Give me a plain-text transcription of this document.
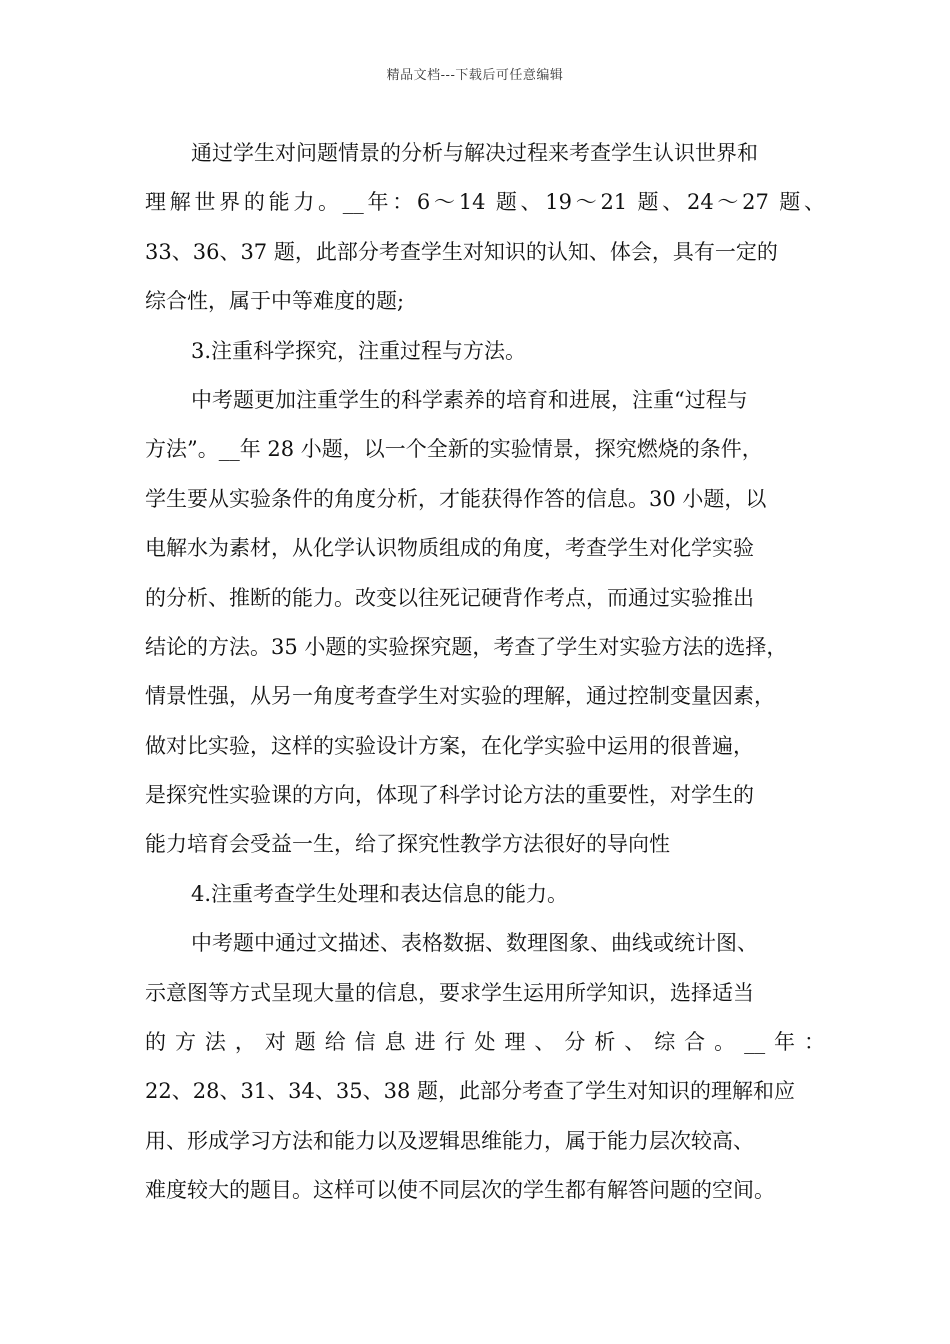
精品文档---下载后可任意编辑
通过学生对问题情景的分析与解决过程来考查学生认识世界和
理解世界的能力。__年：6～14 题、19～21 题、24～27 题、
33、36、37 题，此部分考查学生对知识的认知、体会，具有一定的
综合性，属于中等难度的题;
3.注重科学探究，注重过程与方法。
中考题更加注重学生的科学素养的培育和进展，注重“过程与
方法”。__年 28 小题，以一个全新的实验情景，探究燃烧的条件，
学生要从实验条件的角度分析，才能获得作答的信息。30 小题，以
电解水为素材，从化学认识物质组成的角度，考查学生对化学实验
的分析、推断的能力。改变以往死记硬背作考点，而通过实验推出
结论的方法。35 小题的实验探究题，考查了学生对实验方法的选择，
情景性强，从另一角度考查学生对实验的理解，通过控制变量因素，
做对比实验，这样的实验设计方案，在化学实验中运用的很普遍，
是探究性实验课的方向，体现了科学讨论方法的重要性，对学生的
能力培育会受益一生，给了探究性教学方法很好的导向性
4.注重考查学生处理和表达信息的能力。
中考题中通过文描述、表格数据、数理图象、曲线或统计图、
示意图等方式呈现大量的信息，要求学生运用所学知识，选择适当
的方法，对题给信息进行处理、分析、综合。__年：
22、28、31、34、35、38 题，此部分考查了学生对知识的理解和应
用、形成学习方法和能力以及逻辑思维能力，属于能力层次较高、
难度较大的题目。这样可以使不同层次的学生都有解答问题的空间。
